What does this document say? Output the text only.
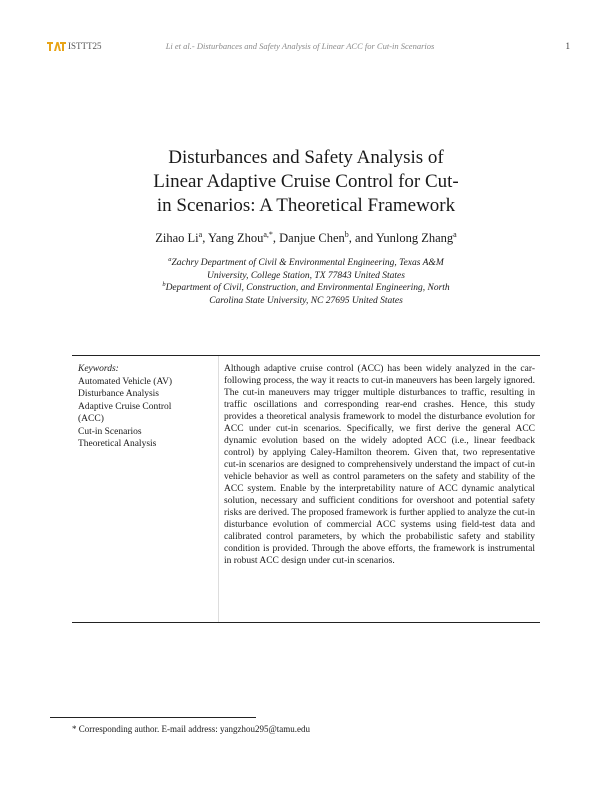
ISTTT25	Li et al.- Disturbances and Safety Analysis of Linear ACC for Cut-in Scenarios	1
Disturbances and Safety Analysis of
Linear Adaptive Cruise Control for Cut-
in Scenarios: A Theoretical Framework
Zihao Li$^a$, Yang Zhou$^{a,*}$, Danjue Chen$^b$, and Yunlong Zhang$^a$
$^a$Zachry Department of Civil & Environmental Engineering, Texas A&M
University, College Station, TX 77843 United States
$^b$Department of Civil, Construction, and Environmental Engineering, North
Carolina State University, NC 27695 United States
Keywords:
Automated Vehicle (AV)
Disturbance Analysis
Adaptive Cruise Control
(ACC)
Cut-in Scenarios
Theoretical Analysis

Although adaptive cruise control (ACC) has been widely analyzed in the car-following process, the way it reacts to cut-in maneuvers has been largely ignored. The cut-in maneuvers may trigger multiple disturbances to traffic, resulting in traffic oscillations and corresponding rear-end crashes. Hence, this study provides a theoretical analysis framework to model the disturbance evolution for ACC under cut-in scenarios. Specifically, we first derive the general ACC dynamic evolution based on the widely adopted ACC (i.e., linear feedback control) by applying Caley-Hamilton theorem. Given that, two representative cut-in scenarios are designed to comprehensively understand the impact of cut-in vehicle behavior as well as control parameters on the safety and stability of the ACC system. Enable by the interpretability nature of ACC dynamic analytical solution, necessary and sufficient conditions for overshoot and potential safety risks are derived. The proposed framework is further applied to analyze the cut-in disturbance evolution of commercial ACC systems using field-test data and calibrated control parameters, by which the probabilistic safety and stability condition is provided. Through the above efforts, the framework is instrumental in robust ACC design under cut-in scenarios.

* Corresponding author. E-mail address: yangzhou295@tamu.edu
